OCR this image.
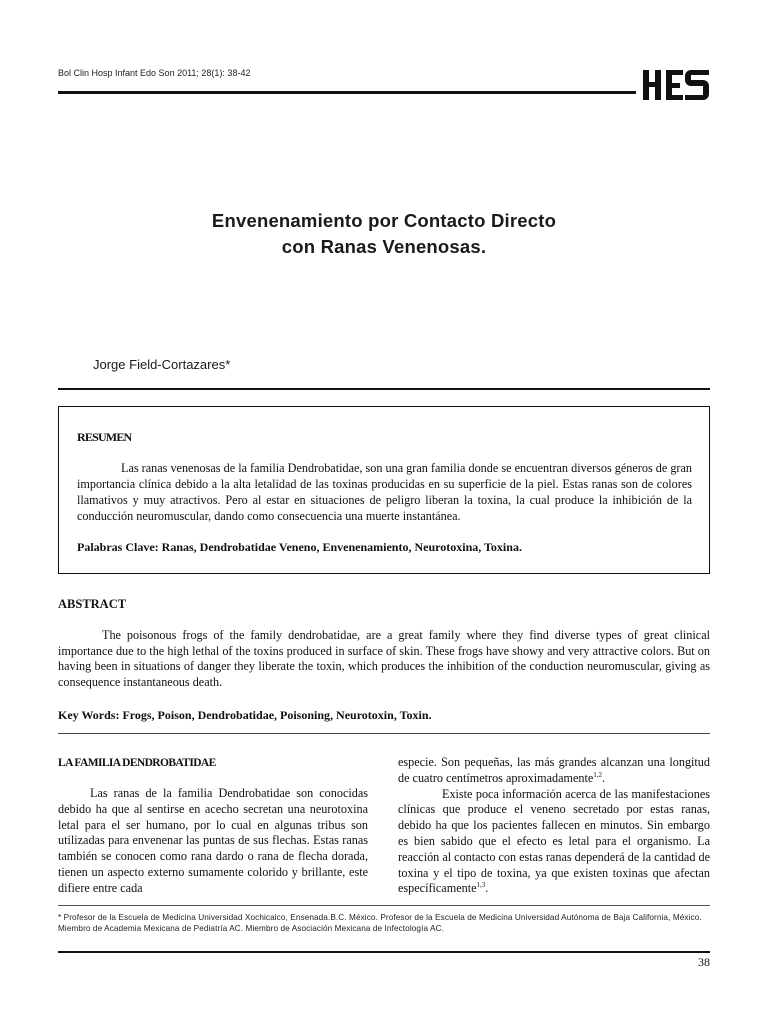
Bol Clin Hosp Infant Edo Son 2011; 28(1): 38-42
Envenenamiento por Contacto Directo
con Ranas Venenosas.
Jorge Field-Cortazares*
RESUMEN

Las ranas venenosas de la familia Dendrobatidae, son una gran familia donde se encuentran diversos géneros de gran importancia clínica debido a la alta letalidad de las toxinas producidas en su superficie de la piel. Estas ranas son de colores llamativos y muy atractivos. Pero al estar en situaciones de peligro liberan la toxina, la cual produce la inhibición de la conducción neuromuscular, dando como consecuencia una muerte instantánea.

Palabras Clave: Ranas, Dendrobatidae Veneno, Envenenamiento, Neurotoxina, Toxina.
ABSTRACT

The poisonous frogs of the family dendrobatidae, are a great family where they find diverse types of great clinical importance due to the high lethal of the toxins produced in surface of skin. These frogs have showy and very attractive colors. But on having been in situations of danger they liberate the toxin, which produces the inhibition of the conduction neuromuscular, giving as consequence instantaneous death.

Key Words: Frogs, Poison, Dendrobatidae, Poisoning, Neurotoxin, Toxin.
LA FAMILIA DENDROBATIDAE

Las ranas de la familia Dendrobatidae son conocidas debido ha que al sentirse en acecho secretan una neurotoxina letal para el ser humano, por lo cual en algunas tribus son utilizadas para envenenar las puntas de sus flechas. Estas ranas también se conocen como rana dardo o rana de flecha dorada, tienen un aspecto externo sumamente colorido y brillante, este difiere entre cada

especie. Son pequeñas, las más grandes alcanzan una longitud de cuatro centímetros aproximadamente$^{1,2}$.

Existe poca información acerca de las manifestaciones clínicas que produce el veneno secretado por estas ranas, debido ha que los pacientes fallecen en minutos. Sin embargo es bien sabido que el efecto es letal para el organismo. La reacción al contacto con estas ranas dependerá de la cantidad de toxina y el tipo de toxina, ya que existen toxinas que afectan específicamente$^{1,3}$.

* Profesor de la Escuela de Medicina Universidad Xochicalco, Ensenada.B.C. México. Profesor de la Escuela de Medicina Universidad Autónoma de Baja California, México. Miembro de Academia Mexicana de Pediatría AC. Miembro de Asociación Mexicana de Infectología AC.
38
